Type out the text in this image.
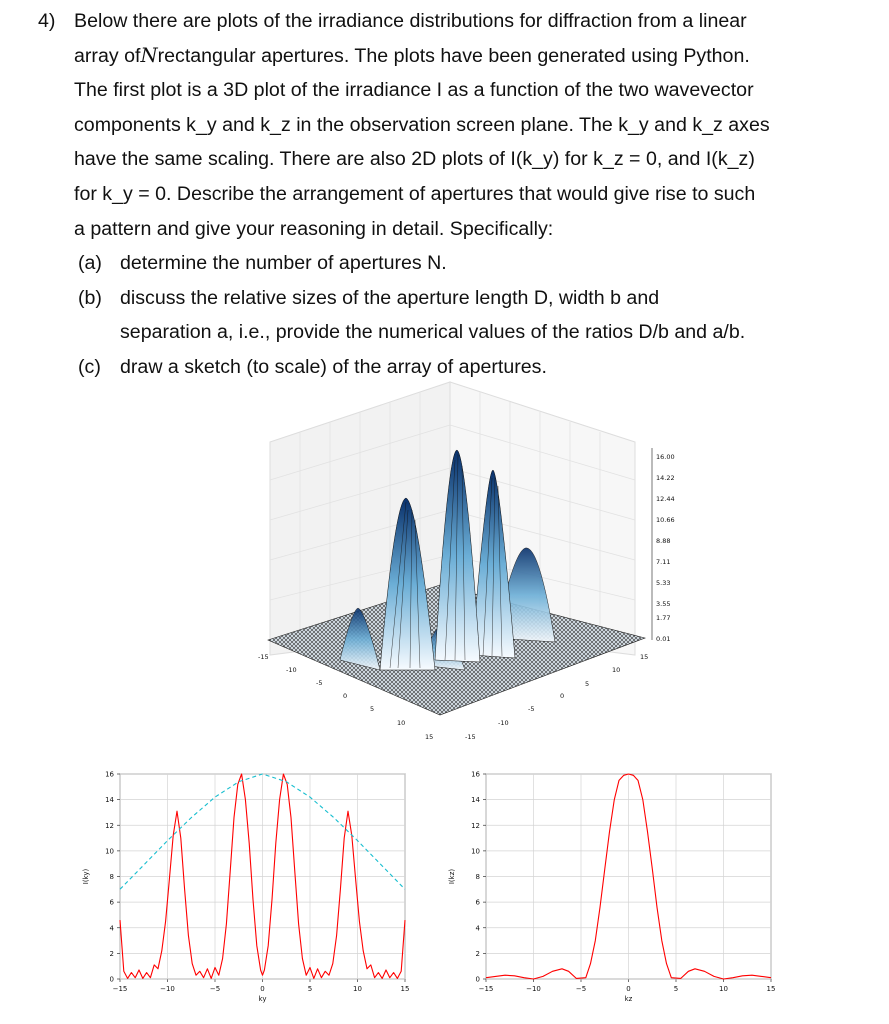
4) Below there are plots of the irradiance distributions for diffraction from a linear
array of N rectangular apertures. The plots have been generated using Python.
The first plot is a 3D plot of the irradiance I as a function of the two wavevector
components k_y and k_z in the observation screen plane. The k_y and k_z axes
have the same scaling. There are also 2D plots of I(k_y) for k_z = 0, and I(k_z)
for k_y = 0. Describe the arrangement of apertures that would give rise to such
a pattern and give your reasoning in detail. Specifically:
(a) determine the number of apertures N.
(b) discuss the relative sizes of the aperture length D, width b and
separation a, i.e., provide the numerical values of the ratios D/b and a/b.
(c) draw a sketch (to scale) of the array of apertures.
16.00
14.22
12.44
10.66
8.88
7.11
5.33
3.55
1.77
0.01
-15
-10
-5
0
5
10
15	-15
-10
-5
0
5
10
15
−15	−10	−5	0	5	10	15
0
2
4
6
8
10
12
14
16
ky
I(ky)
−15	−10	−5	0	5	10	15
0
2
4
6
8
10
12
14
16
kz
I(kz)
